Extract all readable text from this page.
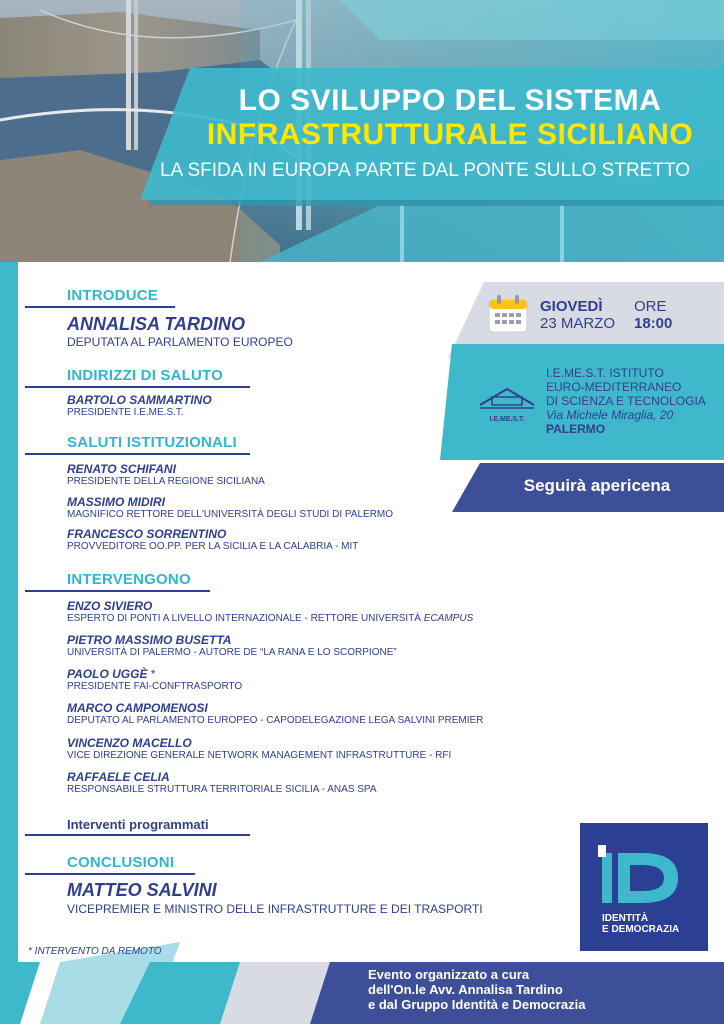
LO SVILUPPO DEL SISTEMA
INFRASTRUTTURALE SICILIANO
LA SFIDA IN EUROPA PARTE DAL PONTE SULLO STRETTO
GIOVEDÌ
23 MARZO
ORE
18:00
I.E.ME.S.T.
I.E.ME.S.T. ISTITUTO
EURO-MEDITERRANEO
DI SCIENZA E TECNOLOGIA
Via Michele Miraglia, 20
PALERMO
Seguirà apericena
INTRODUCE
ANNALISA TARDINO
DEPUTATA AL PARLAMENTO EUROPEO
INDIRIZZI DI SALUTO
BARTOLO SAMMARTINO
PRESIDENTE I.E.ME.S.T.
SALUTI ISTITUZIONALI
RENATO SCHIFANI
PRESIDENTE DELLA REGIONE SICILIANA
MASSIMO MIDIRI
MAGNIFICO RETTORE DELL'UNIVERSITÀ DEGLI STUDI DI PALERMO
FRANCESCO SORRENTINO
PROVVEDITORE OO.PP. PER LA SICILIA E LA CALABRIA - MIT
INTERVENGONO
ENZO SIVIERO
ESPERTO DI PONTI A LIVELLO INTERNAZIONALE - RETTORE UNIVERSITÀ ECAMPUS
PIETRO MASSIMO BUSETTA
UNIVERSITÀ DI PALERMO - AUTORE DE “LA RANA E LO SCORPIONE”
PAOLO UGGÈ *
PRESIDENTE FAI-CONFTRASPORTO
MARCO CAMPOMENOSI
DEPUTATO AL PARLAMENTO EUROPEO - CAPODELEGAZIONE LEGA SALVINI PREMIER
VINCENZO MACELLO
VICE DIREZIONE GENERALE NETWORK MANAGEMENT INFRASTRUTTURE - RFI
RAFFAELE CELIA
RESPONSABILE STRUTTURA TERRITORIALE SICILIA - ANAS SPA
Interventi programmati
CONCLUSIONI
MATTEO SALVINI
VICEPREMIER E MINISTRO DELLE INFRASTRUTTURE E DEI TRASPORTI
* INTERVENTO DA REMOTO
IDENTITÀ
E DEMOCRAZIA
Evento organizzato a cura
dell'On.le Avv. Annalisa Tardino
e dal Gruppo Identità e Democrazia
